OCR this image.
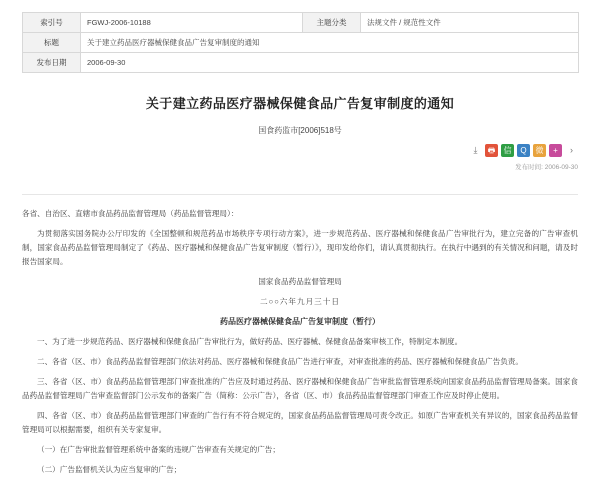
索引号	FGWJ-2006-10188	主题分类	法规文件 / 规范性文件
标题	关于建立药品医疗器械保健食品广告复审制度的通知		
发布日期	2006-09-30		
关于建立药品医疗器械保健食品广告复审制度的通知
国食药监市[2006]518号
⤓	🖶	信	Q	微	+	›
发布时间: 2006-09-30

各省、自治区、直辖市食品药品监督管理局（药品监督管理局）：

为贯彻落实国务院办公厅印发的《全国整顿和规范药品市场秩序专项行动方案》，进一步规范药品、医疗器械和保健食品广告审批行为，建立完备的广告审查机制，国家食品药品监督管理局制定了《药品、医疗器械和保健食品广告复审制度（暂行）》，现印发给你们，请认真贯彻执行。在执行中遇到的有关情况和问题，请及时报告国家局。

国家食品药品监督管理局

二○○六年九月三十日

药品医疗器械保健食品广告复审制度（暂行）

一、为了进一步规范药品、医疗器械和保健食品广告审批行为，做好药品、医疗器械、保健食品备案审核工作，特制定本制度。

二、各省（区、市）食品药品监督管理部门依法对药品、医疗器械和保健食品广告进行审查，对审查批准的药品、医疗器械和保健食品广告负责。

三、各省（区、市）食品药品监督管理部门审查批准的广告应及时通过药品、医疗器械和保健食品广告审批监督管理系统向国家食品药品监督管理局备案。国家食品药品监督管理局广告审查监督部门公示发布的备案广告（简称：公示广告），各省（区、市）食品药品监督管理部门审查工作应及时停止使用。

四、各省（区、市）食品药品监督管理部门审查的广告行有不符合规定的，国家食品药品监督管理局可责令改正。如原广告审查机关有异议的，国家食品药品监督管理局可以根据需要，组织有关专家复审。

（一）在广告审批监督管理系统中备案的违规广告审查有关规定的广告；

（二）广告监督机关认为应当复审的广告；
